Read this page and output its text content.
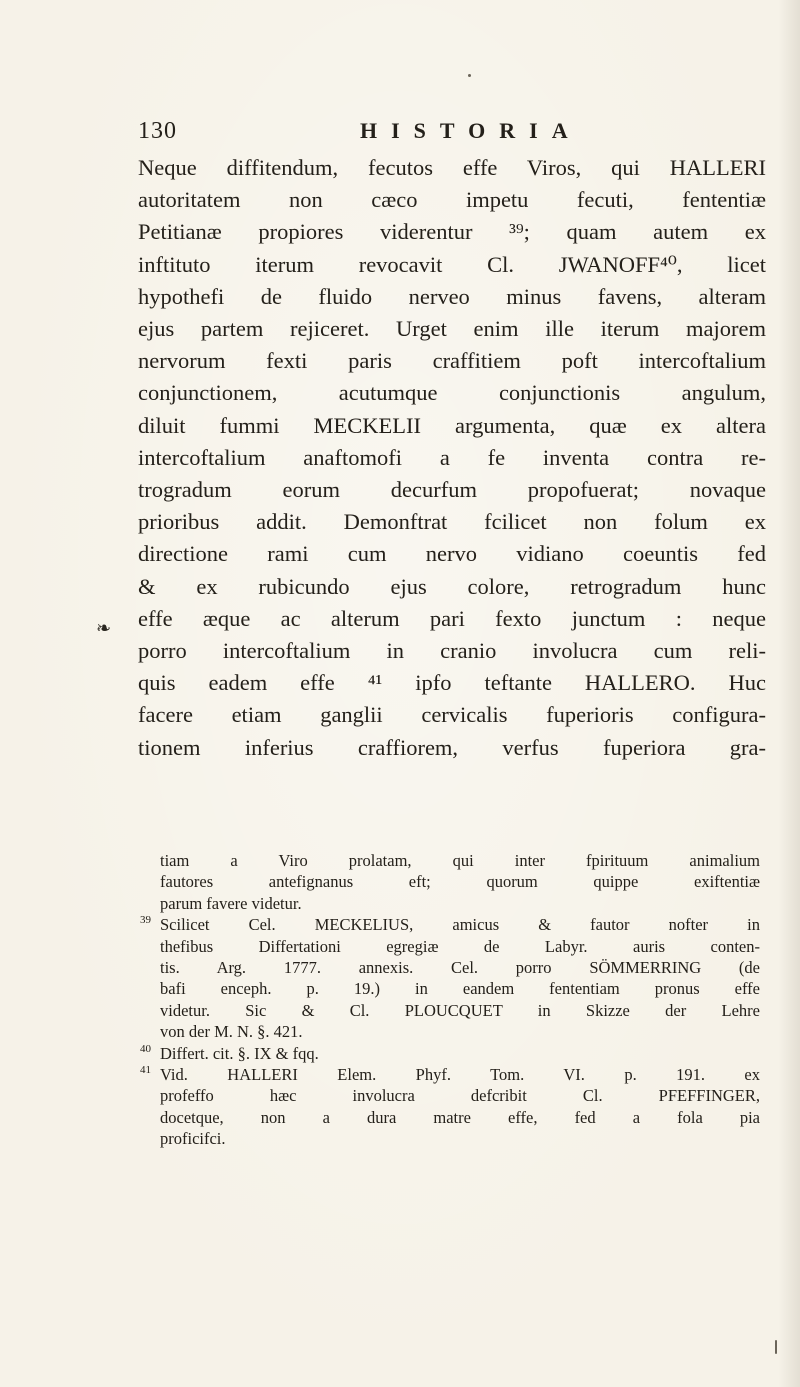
130	HISTORIA
❧
Neque diffitendum, fecutos effe Viros, qui HALLERI
autoritatem non cæco impetu fecuti, fententiæ
Petitianæ propiores viderentur ³⁹; quam autem ex
inftituto iterum revocavit Cl. JWANOFF⁴⁰, licet
hypothefi de fluido nerveo minus favens, alteram
ejus partem rejiceret. Urget enim ille iterum majorem
nervorum fexti paris craffitiem poft intercoftalium
conjunctionem, acutumque conjunctionis angulum,
diluit fummi MECKELII argumenta, quæ ex altera
intercoftalium anaftomofi a fe inventa contra re-
trogradum eorum decurfum propofuerat; novaque
prioribus addit. Demonftrat fcilicet non folum ex
directione rami cum nervo vidiano coeuntis fed
& ex rubicundo ejus colore, retrogradum hunc
effe æque ac alterum pari fexto junctum : neque
porro intercoftalium in cranio involucra cum reli-
quis eadem effe ⁴¹ ipfo teftante HALLERO. Huc
facere etiam ganglii cervicalis fuperioris configura-
tionem inferius craffiorem, verfus fuperiora gra-
tiam a Viro prolatam, qui inter fpirituum animalium
fautores antefignanus eft; quorum quippe exiftentiæ
parum favere videtur.
39 Scilicet Cel. MECKELIUS, amicus & fautor nofter in
thefibus Differtationi egregiæ de Labyr. auris conten-
tis. Arg. 1777. annexis. Cel. porro SÖMMERRING (de
bafi enceph. p. 19.) in eandem fententiam pronus effe
videtur. Sic & Cl. PLOUCQUET in Skizze der Lehre
von der M. N. §. 421.
40 Differt. cit. §. IX & fqq.
41 Vid. HALLERI Elem. Phyf. Tom. VI. p. 191. ex
profeffo hæc involucra defcribit Cl. PFEFFINGER,
docetque, non a dura matre effe, fed a fola pia
proficifci.
